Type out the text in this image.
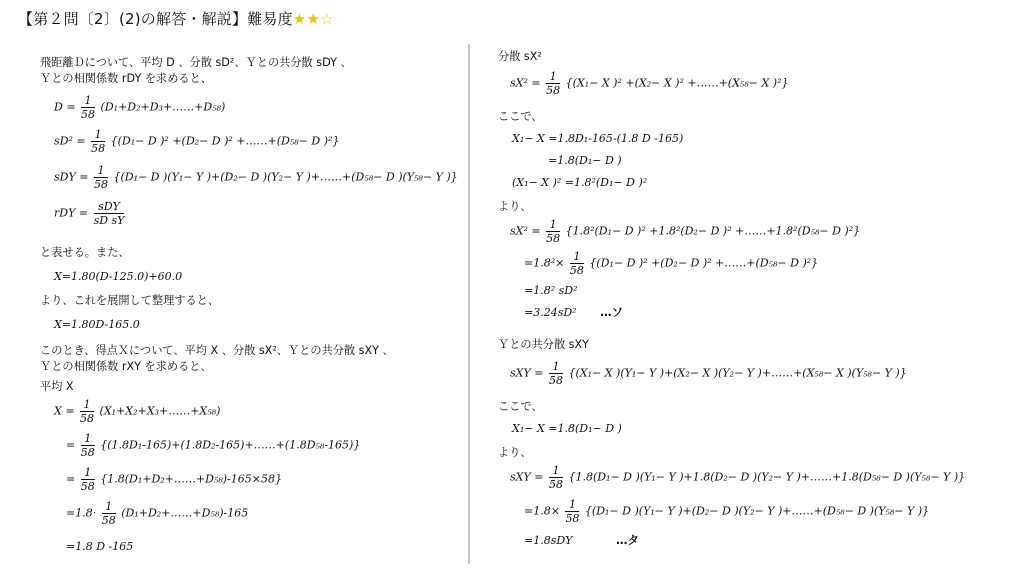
【第２問〔2〕(2)の解答・解説】難易度★★☆
飛距離Ｄについて、平均 D 、分散 sD²、Ｙとの共分散 sDY 、
Ｙとの相関係数 rDY を求めると、
$D = \frac{1}{58}$ (D₁+D₂+D₃+……+D₅₈)
$sD^2 = \frac{1}{58} \{(D_1- D$ )² +(D₂− D )² +……+(D₅₈− D )²}
sDY = $\frac{1}{58} \{(D_1- D$ )(Y₁− Y )+(D₂− D )(Y₂− Y )+……+(D₅₈− D )(Y₅₈− Y )}
rDY = $\frac{\text{sDY}}{\text{sD sY}}$
と表せる。また、
X=1.80(D-125.0)+60.0
より、これを展開して整理すると、
X=1.80D-165.0
このとき、得点Ｘについて、平均 X 、分散 sX²、Ｙとの共分散 sXY 、
Ｙとの相関係数 rXY を求めると、
平均 X
$X = \frac{1}{58}$ (X₁+X₂+X₃+……+X₅₈)
= $\frac{1}{58}$ {(1.8D₁-165)+(1.8D₂-165)+……+(1.8D₅₈-165)}
= $\frac{1}{58}$ {1.8(D₁+D₂+……+D₅₈)-165×58}
$=1.8\cdot \frac{1}{58}$ (D₁+D₂+……+D₅₈)-165
=1.8 D -165
分散 sX²
$sX^2 = \frac{1}{58} \{(X_1- X$ )² +(X₂− X )² +……+(X₅₈− X )²}
ここで、
X₁− X =1.8D₁-165-(1.8 D -165)
=1.8(D₁− D )
(X₁− X )² =1.8²(D₁− D )²
より、
$sX^2 = \frac{1}{58} \{1.8^2(D_1- D$ )² +1.8²(D₂− D )² +……+1.8²(D₅₈− D )²}
$=1.8^2\times \frac{1}{58} \{(D_1- D$ )² +(D₂− D )² +……+(D₅₈− D )²}
=1.8² sD²
=3.24sD² …ソ
Ｙとの共分散 sXY
sXY = $\frac{1}{58} \{(X_1- X$ )(Y₁− Y )+(X₂− X )(Y₂− Y )+……+(X₅₈− X )(Y₅₈− Y )}
ここで、
X₁− X =1.8(D₁− D )
より、
sXY = $\frac{1}{58} \{1.8(D_1- D$ )(Y₁− Y )+1.8(D₂− D )(Y₂− Y )+……+1.8(D₅₈− D )(Y₅₈− Y )}
$=1.8\times \frac{1}{58} \{(D_1- D$ )(Y₁− Y )+(D₂− D )(Y₂− Y )+……+(D₅₈− D )(Y₅₈− Y )}
=1.8sDY	…タ
